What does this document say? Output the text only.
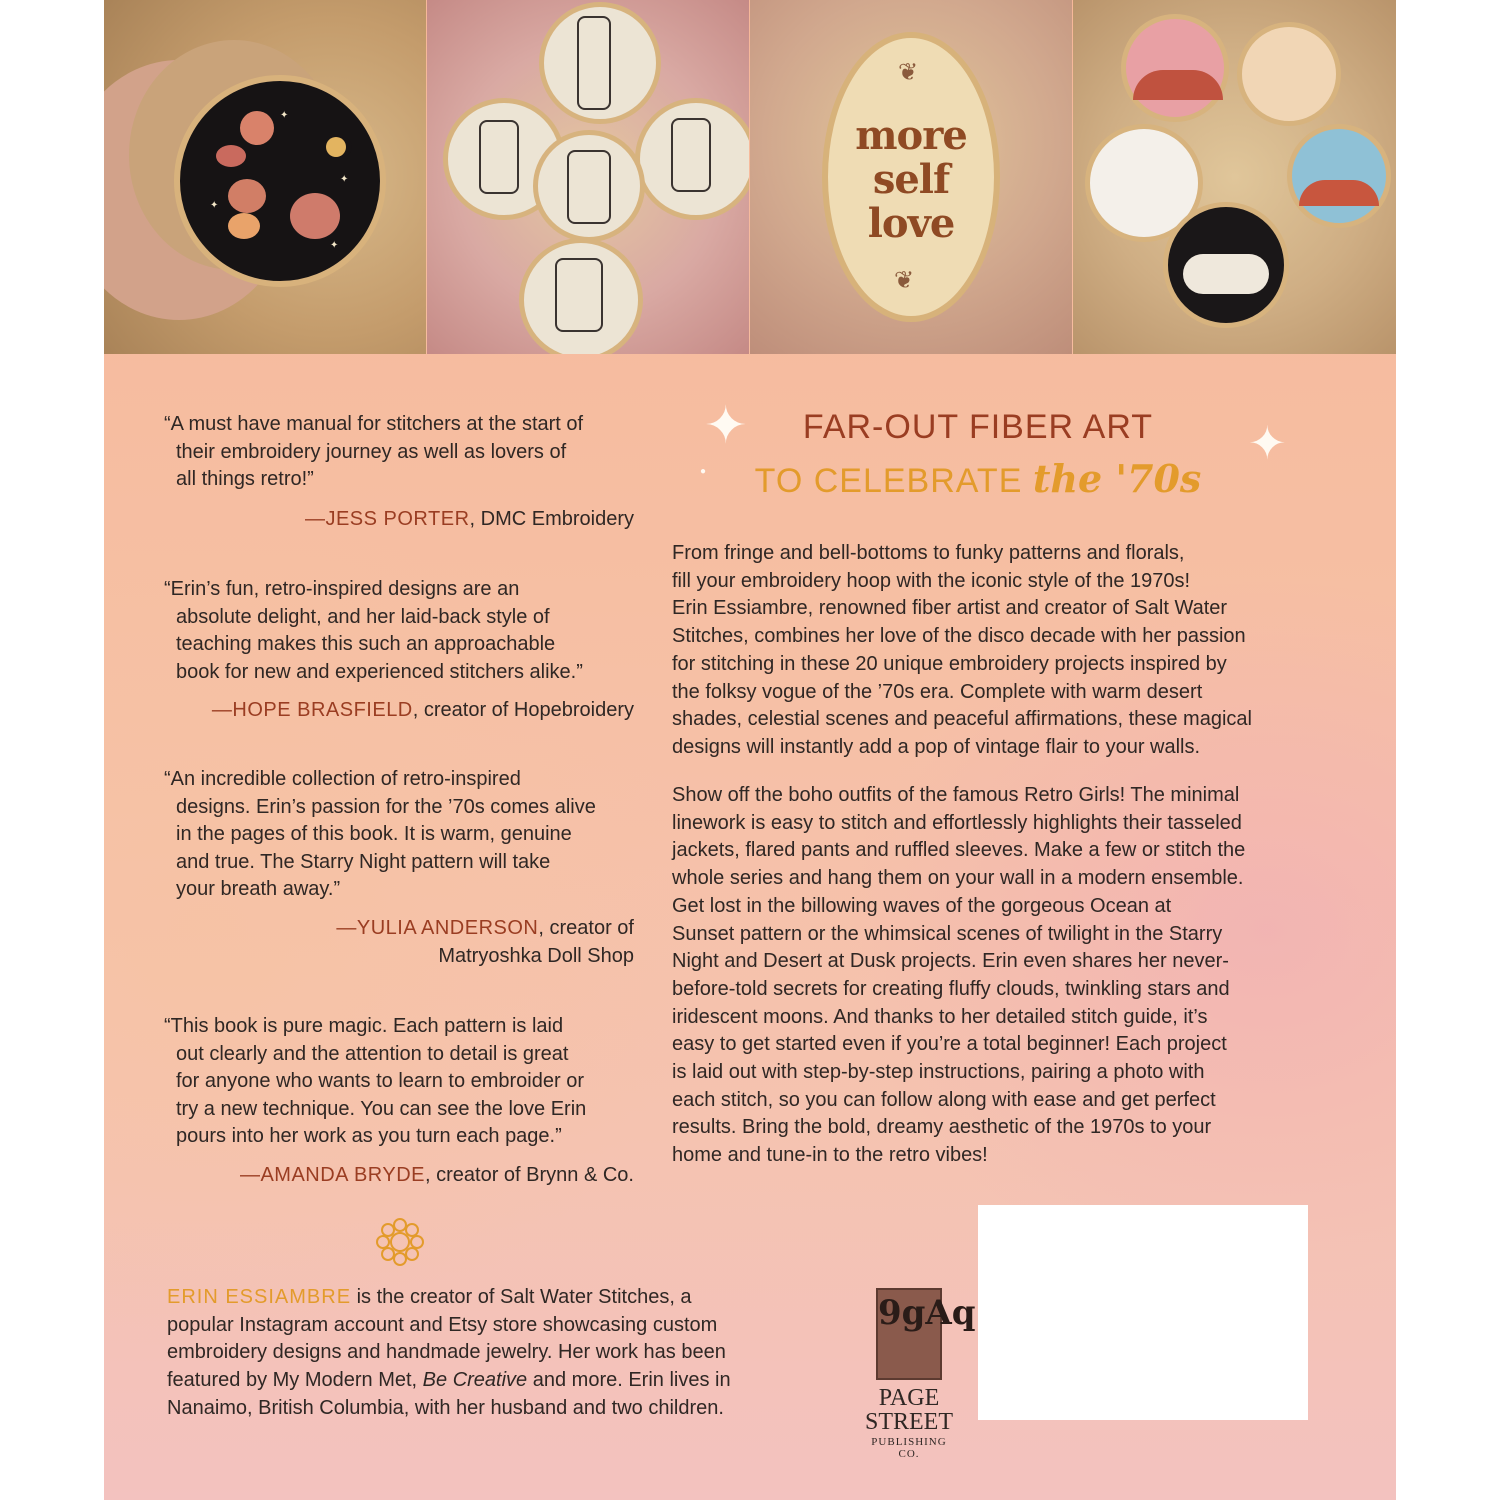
✦
✦
✦
✦
❦
more
self
love
❦
✦	✦
●
FAR-OUT FIBER ART
TO CELEBRATE the '70s

“A must have manual for stitchers at the start of

their embroidery journey as well as lovers of

all things retro!”

—JESS PORTER, DMC Embroidery

“Erin’s fun, retro-inspired designs are an

absolute delight, and her laid-back style of

teaching makes this such an approachable

book for new and experienced stitchers alike.”

—HOPE BRASFIELD, creator of Hopebroidery

“An incredible collection of retro-inspired

designs. Erin’s passion for the ’70s comes alive

in the pages of this book. It is warm, genuine

and true. The Starry Night pattern will take

your breath away.”

—YULIA ANDERSON, creator of
Matryoshka Doll Shop

“This book is pure magic. Each pattern is laid

out clearly and the attention to detail is great

for anyone who wants to learn to embroider or

try a new technique. You can see the love Erin

pours into her work as you turn each page.”

—AMANDA BRYDE, creator of Brynn & Co.
From fringe and bell-bottoms to funky patterns and florals,
fill your embroidery hoop with the iconic style of the 1970s!
Erin Essiambre, renowned fiber artist and creator of Salt Water
Stitches, combines her love of the disco decade with her passion
for stitching in these 20 unique embroidery projects inspired by
the folksy vogue of the ’70s era. Complete with warm desert
shades, celestial scenes and peaceful affirmations, these magical
designs will instantly add a pop of vintage flair to your walls.
Show off the boho outfits of the famous Retro Girls! The minimal
linework is easy to stitch and effortlessly highlights their tasseled
jackets, flared pants and ruffled sleeves. Make a few or stitch the
whole series and hang them on your wall in a modern ensemble.
Get lost in the billowing waves of the gorgeous Ocean at
Sunset pattern or the whimsical scenes of twilight in the Starry
Night and Desert at Dusk projects. Erin even shares her never-
before-told secrets for creating fluffy clouds, twinkling stars and
iridescent moons. And thanks to her detailed stitch guide, it’s
easy to get started even if you’re a total beginner! Each project
is laid out with step-by-step instructions, pairing a photo with
each stitch, so you can follow along with ease and get perfect
results. Bring the bold, dreamy aesthetic of the 1970s to your
home and tune-in to the retro vibes!
ERIN ESSIAMBRE is the creator of Salt Water Stitches, a
popular Instagram account and Etsy store showcasing custom
embroidery designs and handmade jewelry. Her work has been
featured by My Modern Met, Be Creative and more. Erin lives in
Nanaimo, British Columbia, with her husband and two children.
9gAq
PAGE STREET
PUBLISHING CO.
